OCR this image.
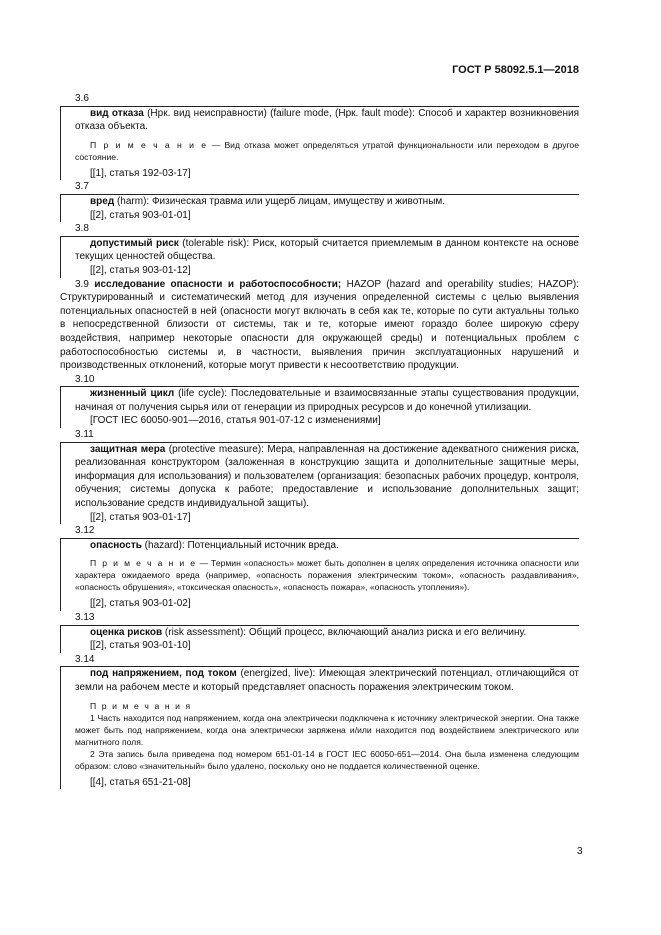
ГОСТ Р 58092.5.1—2018
3.6

вид отказа (Нрк. вид неисправности) (failure mode, (Нрк. fault mode): Способ и характер возникновения отказа объекта.

П р и м е ч а н и е — Вид отказа может определяться утратой функциональности или переходом в другое состояние.

[[1], статья 192-03-17]

3.7

вред (harm): Физическая травма или ущерб лицам, имуществу и животным.

[[2], статья 903-01-01]

3.8

допустимый риск (tolerable risk): Риск, который считается приемлемым в данном контексте на основе текущих ценностей общества.

[[2], статья 903-01-12]

3.9 исследование опасности и работоспособности; HAZOP (hazard and operability studies; HAZOP): Структурированный и систематический метод для изучения определенной системы с целью выявления потенциальных опасностей в ней (опасности могут включать в себя как те, которые по сути актуальны только в непосредственной близости от системы, так и те, которые имеют гораздо более широкую сферу воздействия, например некоторые опасности для окружающей среды) и потенциальных проблем с работоспособностью системы и, в частности, выявления причин эксплуатационных нарушений и производственных отклонений, которые могут привести к несоответствию продукции.

3.10

жизненный цикл (life cycle): Последовательные и взаимосвязанные этапы существования продукции, начиная от получения сырья или от генерации из природных ресурсов и до конечной утилизации.

[ГОСТ IEC 60050-901—2016, статья 901-07-12 с изменениями]

3.11

защитная мера (protective measure): Мера, направленная на достижение адекватного снижения риска, реализованная конструктором (заложенная в конструкцию защита и дополнительные защитные меры, информация для использования) и пользователем (организация: безопасных рабочих процедур, контроля, обучения; системы допуска к работе; предоставление и использование дополнительных защит; использование средств индивидуальной защиты).

[[2], статья 903-01-17]

3.12

опасность (hazard): Потенциальный источник вреда.

П р и м е ч а н и е — Термин «опасность» может быть дополнен в целях определения источника опасности или характера ожидаемого вреда (например, «опасность поражения электрическим током», «опасность раздавливания», «опасность обрушения», «токсическая опасность», «опасность пожара», «опасность утопления»).

[[2], статья 903-01-02]

3.13

оценка рисков (risk assessment): Общий процесс, включающий анализ риска и его величину.

[[2], статья 903-01-10]

3.14

под напряжением, под током (energized, live): Имеющая электрический потенциал, отличающийся от земли на рабочем месте и который представляет опасность поражения электрическим током.

П р и м е ч а н и я

1 Часть находится под напряжением, когда она электрически подключена к источнику электрической энергии. Она также может быть под напряжением, когда она электрически заряжена и/или находится под воздействием электрического или магнитного поля.

2 Эта запись была приведена под номером 651-01-14 в ГОСТ IEC 60050-651—2014. Она была изменена следующим образом: слово «значительный» было удалено, поскольку оно не поддается количественной оценке.

[[4], статья 651-21-08]

3
